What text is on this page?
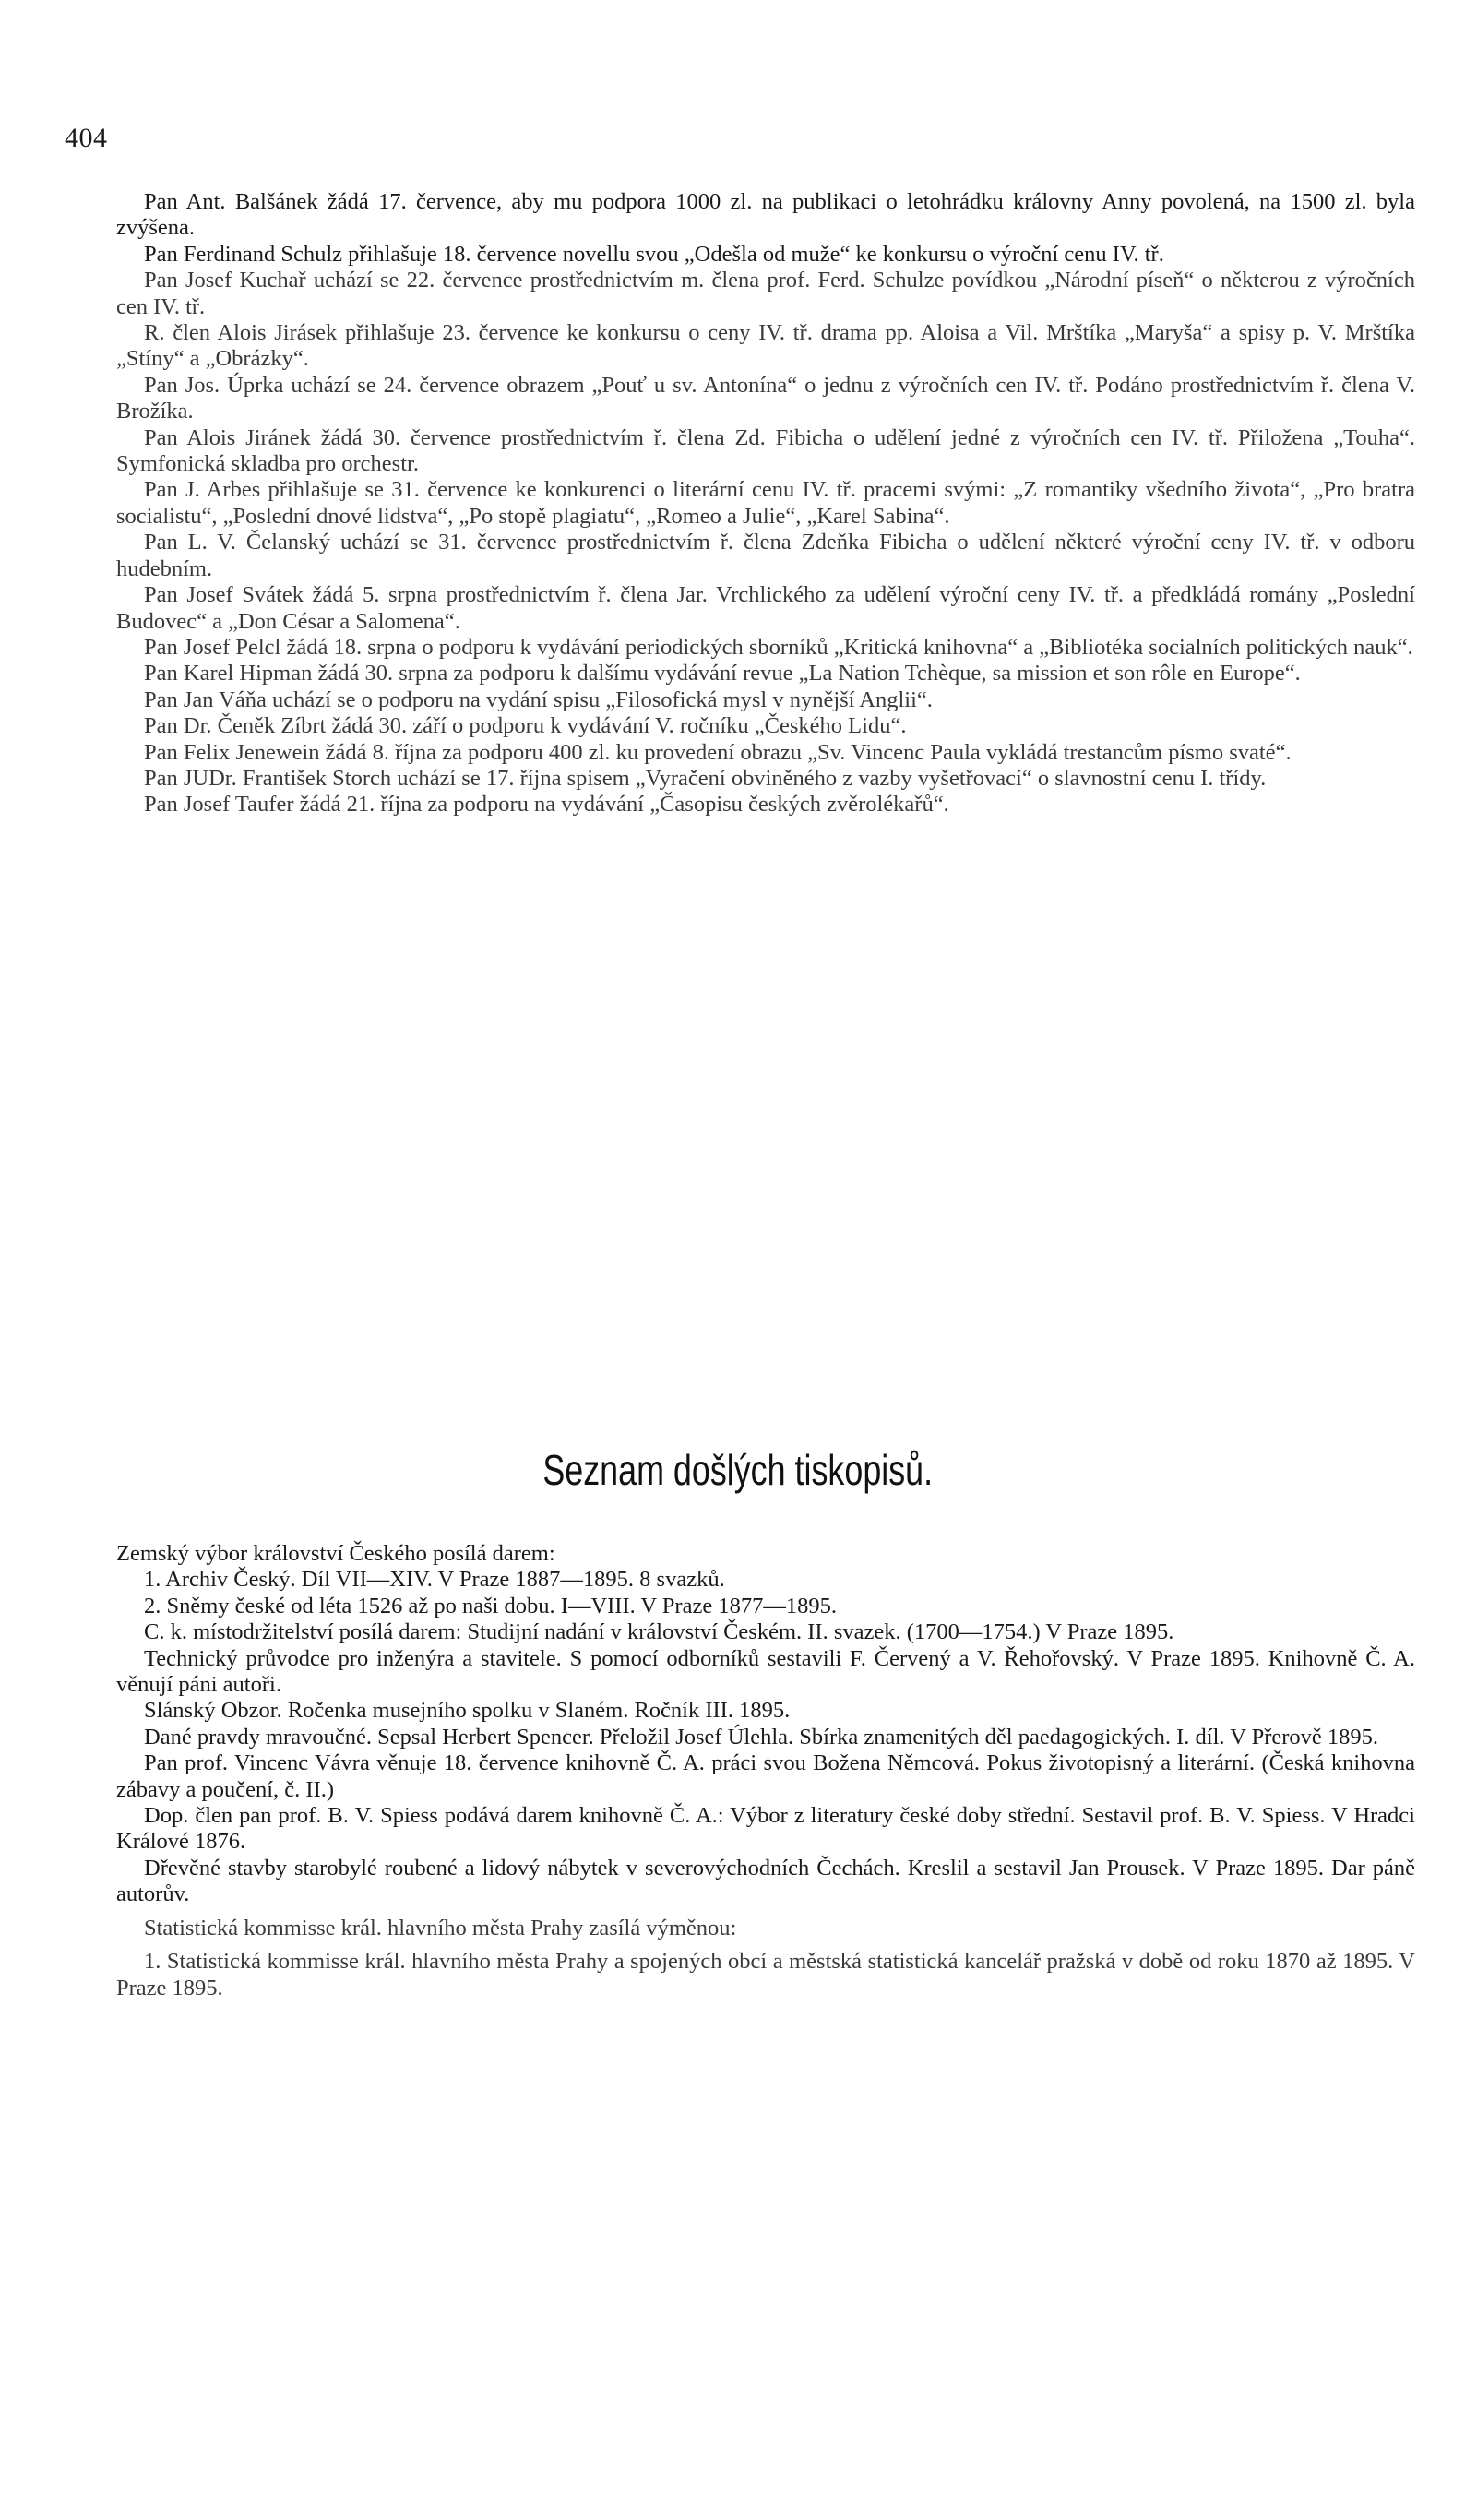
404

Pan Ant. Balšánek žádá 17. července, aby mu podpora 1000 zl. na publikaci o letohrádku královny Anny povolená, na 1500 zl. byla zvýšena.

Pan Ferdinand Schulz přihlašuje 18. července novellu svou „Odešla od muže“ ke konkursu o výroční cenu IV. tř.

Pan Josef Kuchař uchází se 22. července prostřednictvím m. člena prof. Ferd. Schulze povídkou „Národní píseň“ o některou z výročních cen IV. tř.

R. člen Alois Jirásek přihlašuje 23. července ke konkursu o ceny IV. tř. drama pp. Aloisa a Vil. Mrštíka „Maryša“ a spisy p. V. Mrštíka „Stíny“ a „Obrázky“.

Pan Jos. Úprka uchází se 24. července obrazem „Pouť u sv. Antonína“ o jednu z výročních cen IV. tř. Podáno prostřednictvím ř. člena V. Brožíka.

Pan Alois Jiránek žádá 30. července prostřednictvím ř. člena Zd. Fibicha o udělení jedné z výročních cen IV. tř. Přiložena „Touha“. Symfonická skladba pro orchestr.

Pan J. Arbes přihlašuje se 31. července ke konkurenci o literární cenu IV. tř. pracemi svými: „Z romantiky všedního života“, „Pro bratra socialistu“, „Poslední dnové lidstva“, „Po stopě plagiatu“, „Romeo a Julie“, „Karel Sabina“.

Pan L. V. Čelanský uchází se 31. července prostřednictvím ř. člena Zdeňka Fibicha o udělení některé výroční ceny IV. tř. v odboru hudebním.

Pan Josef Svátek žádá 5. srpna prostřednictvím ř. člena Jar. Vrchlického za udělení výroční ceny IV. tř. a předkládá romány „Poslední Budovec“ a „Don César a Salomena“.

Pan Josef Pelcl žádá 18. srpna o podporu k vydávání periodických sborníků „Kritická knihovna“ a „Bibliotéka socialních politických nauk“.

Pan Karel Hipman žádá 30. srpna za podporu k dalšímu vydávání revue „La Nation Tchèque, sa mission et son rôle en Europe“.

Pan Jan Váňa uchází se o podporu na vydání spisu „Filosofická mysl v nynější Anglii“.

Pan Dr. Čeněk Zíbrt žádá 30. září o podporu k vydávání V. ročníku „Českého Lidu“.

Pan Felix Jenewein žádá 8. října za podporu 400 zl. ku provedení obrazu „Sv. Vincenc Paula vykládá trestancům písmo svaté“.

Pan JUDr. František Storch uchází se 17. října spisem „Vyračení obviněného z vazby vyšetřovací“ o slavnostní cenu I. třídy.

Pan Josef Taufer žádá 21. října za podporu na vydávání „Časopisu českých zvěrolékařů“.

Seznam došlých tiskopisů.

Zemský výbor království Českého posílá darem:

1. Archiv Český. Díl VII—XIV. V Praze 1887—1895. 8 svazků.

2. Sněmy české od léta 1526 až po naši dobu. I—VIII. V Praze 1877—1895.

C. k. místodržitelství posílá darem: Studijní nadání v království Českém. II. svazek. (1700—1754.) V Praze 1895.

Technický průvodce pro inženýra a stavitele. S pomocí odborníků sestavili F. Červený a V. Řehořovský. V Praze 1895. Knihovně Č. A. věnují páni autoři.

Slánský Obzor. Ročenka musejního spolku v Slaném. Ročník III. 1895.

Dané pravdy mravoučné. Sepsal Herbert Spencer. Přeložil Josef Úlehla. Sbírka znamenitých děl paedagogických. I. díl. V Přerově 1895.

Pan prof. Vincenc Vávra věnuje 18. července knihovně Č. A. práci svou Božena Němcová. Pokus životopisný a literární. (Česká knihovna zábavy a poučení, č. II.)

Dop. člen pan prof. B. V. Spiess podává darem knihovně Č. A.: Výbor z literatury české doby střední. Sestavil prof. B. V. Spiess. V Hradci Králové 1876.

Dřevěné stavby starobylé roubené a lidový nábytek v severovýchodních Čechách. Kreslil a sestavil Jan Prousek. V Praze 1895. Dar páně autorův.

Statistická kommisse král. hlavního města Prahy zasílá výměnou:

1. Statistická kommisse král. hlavního města Prahy a spojených obcí a městská statistická kancelář pražská v době od roku 1870 až 1895. V Praze 1895.
